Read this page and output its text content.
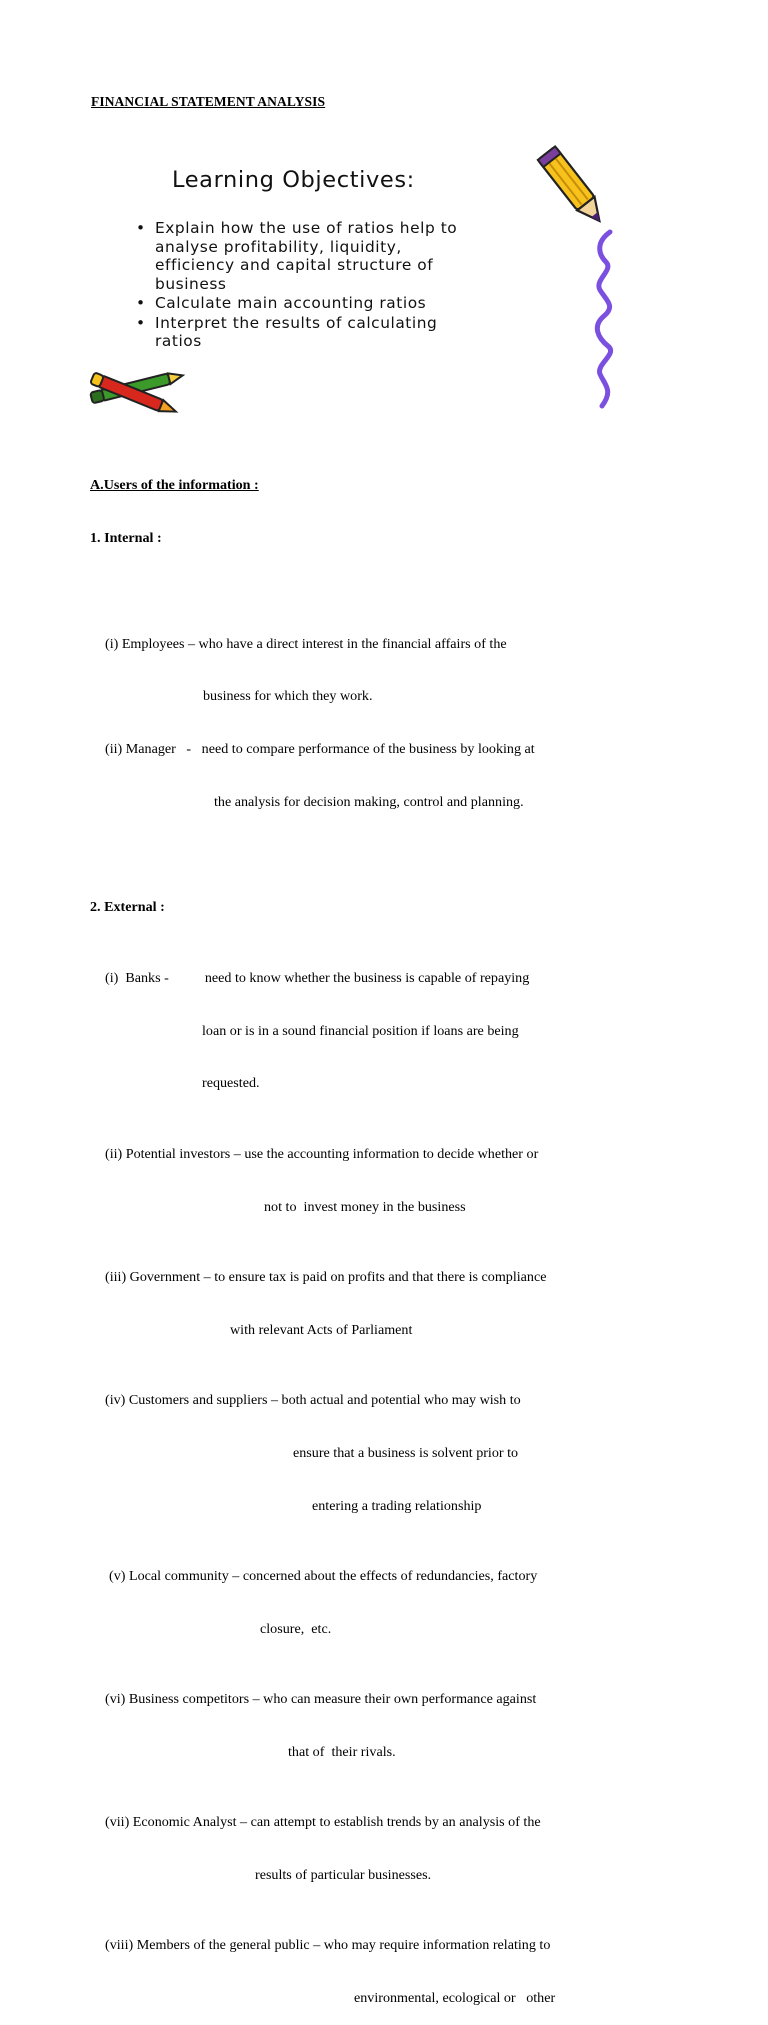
FINANCIAL STATEMENT ANALYSIS
Learning Objectives:
• Explain how the use of ratios help to
analyse profitability, liquidity,
efficiency and capital structure of
business
• Calculate main accounting ratios
• Interpret the results of calculating
ratios

A.Users of the information :

1. Internal :

(i) Employees – who have a direct interest in the financial affairs of the

business for which they work.

(ii) Manager   -   need to compare performance of the business by looking at

the analysis for decision making, control and planning.

2. External :

(i)  Banks -	need to know whether the business is capable of repaying

loan or is in a sound financial position if loans are being

requested.

(ii) Potential investors – use the accounting information to decide whether or

not to  invest money in the business

(iii) Government – to ensure tax is paid on profits and that there is compliance

with relevant Acts of Parliament

(iv) Customers and suppliers – both actual and potential who may wish to

ensure that a business is solvent prior to

entering a trading relationship

(v) Local community – concerned about the effects of redundancies, factory

closure,  etc.

(vi) Business competitors – who can measure their own performance against

that of  their rivals.

(vii) Economic Analyst – can attempt to establish trends by an analysis of the

results of particular businesses.

(viii) Members of the general public – who may require information relating to

environmental, ecological or   other
